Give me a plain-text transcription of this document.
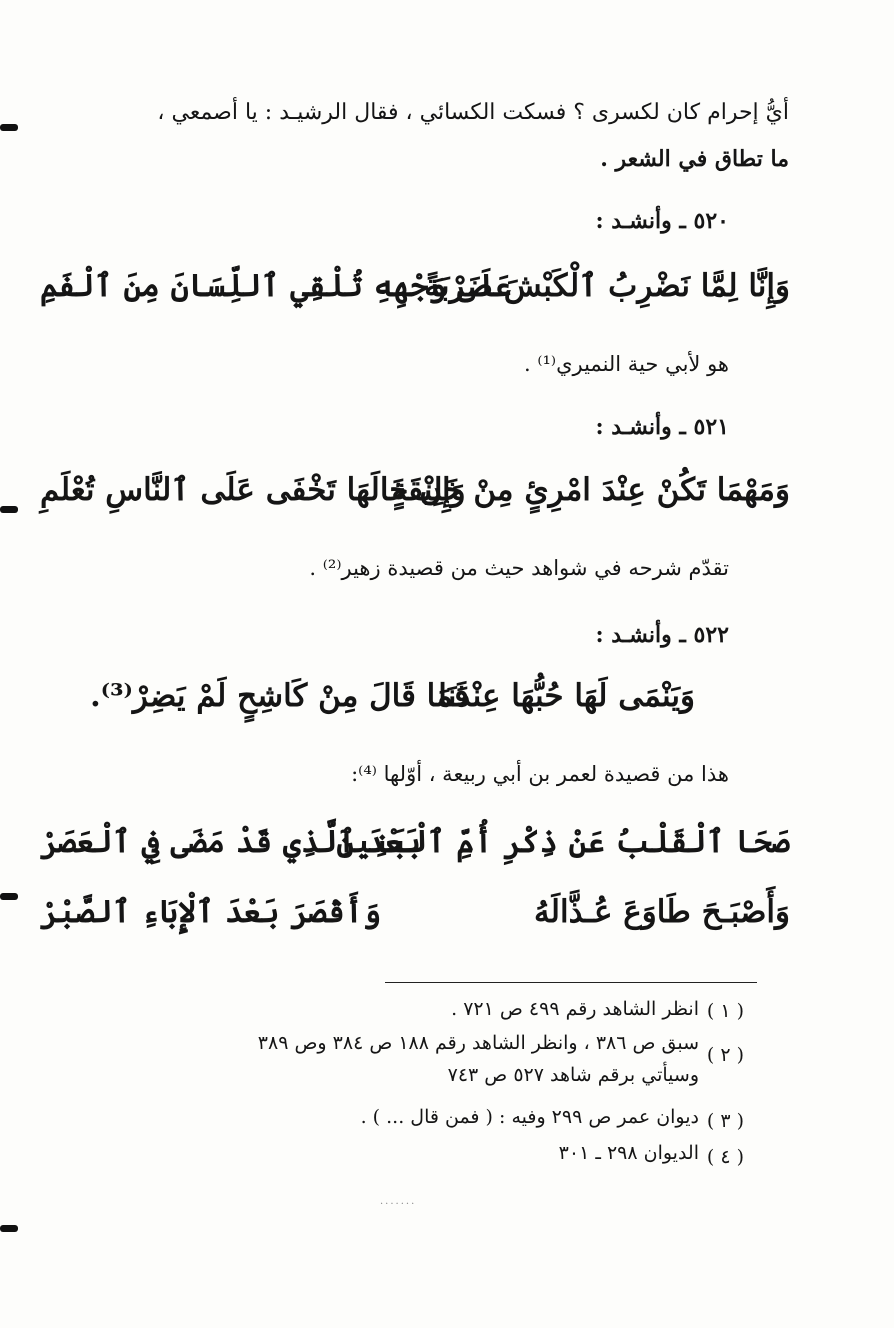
أيُّ إحرام كان لكسرى ؟ فسكت الكسائي ، فقال الرشيـد : يا أصمعي ،
ما تطاق في الشعر .
٥٢٠ ـ وأنشـد :
وَإِنَّا لِمَّا نَضْرِبُ ٱلْكَبْشَ ضَرْبَةً
عَلَى وَجْهِهِ تُلْقِي ٱللِّسَانَ مِنَ ٱلْفَمِ
هو لأبي حية النميري⁽¹⁾ .
٥٢١ ـ وأنشـد :
وَمَهْمَا تَكُنْ عِنْدَ امْرِئٍ مِنْ خَلِيقَةٍ
وَإِنْ خَالَهَا تَخْفَى عَلَى ٱلنَّاسِ تُعْلَمِ
تقدّم شرحه في شواهد حيث من قصيدة زهير⁽²⁾ .
٥٢٢ ـ وأنشـد :
وَيَنْمَى لَهَا حُبُّهَا عِنْدَنَا
فَمَا قَالَ مِنْ كَاشِحٍ لَمْ يَضِرْ⁽³⁾.
هذا من قصيدة لعمر بن أبي ربيعة ، أوّلها ⁽⁴⁾:
صَحَا ٱلْقَلْبُ عَنْ ذِكْرِ أُمِّ ٱلْبَنِينِ
بَعْدَ ٱلَّذِي قَدْ مَضَى فِي ٱلْعَصَرْ
وَأَصْبَـحَ طَاوَعَ عُـذَّالَهُ
وَأَقْصَرَ بَعْدَ ٱلْإِبَاءِ ٱلصَّبْرْ
( ١ )
انظر الشاهد رقم ٤٩٩ ص ٧٢١ .
( ٢ )
سبق ص ٣٨٦ ، وانظر الشاهد رقم ١٨٨ ص ٣٨٤ وص ٣٨٩
وسيأتي برقم شاهد ٥٢٧ ص ٧٤٣
( ٣ )
ديوان عمر ص ٢٩٩ وفيه : ( فمن قال ... ) .
( ٤ )
الديوان ٢٩٨ ـ ٣٠١
.......
